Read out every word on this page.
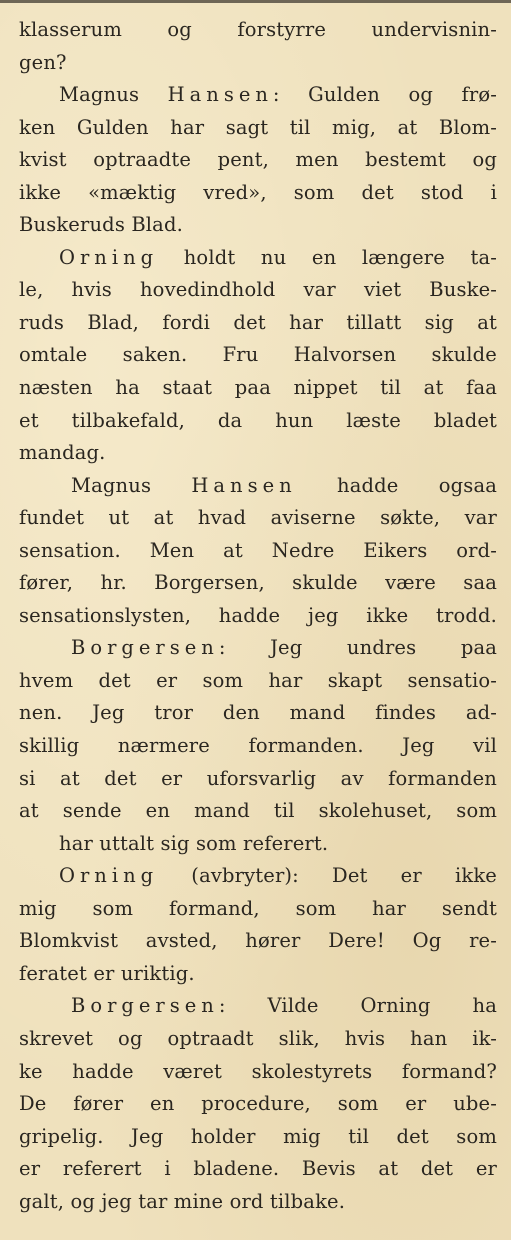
klasserum og forstyrre undervisnin-
gen?
Magnus Hansen: Gulden og frø-
ken Gulden har sagt til mig, at Blom-
kvist optraadte pent, men bestemt og
ikke «mæktig vred», som det stod i
Buskeruds Blad.
Orning holdt nu en længere ta-
le, hvis hovedindhold var viet Buske-
ruds Blad, fordi det har tillatt sig at
omtale saken. Fru Halvorsen skulde
næsten ha staat paa nippet til at faa
et tilbakefald, da hun læste bladet
mandag.
Magnus Hansen hadde ogsaa
fundet ut at hvad aviserne søkte, var
sensation. Men at Nedre Eikers ord-
fører, hr. Borgersen, skulde være saa
sensationslysten, hadde jeg ikke trodd.
Borgersen: Jeg undres paa
hvem det er som har skapt sensatio-
nen. Jeg tror den mand findes ad-
skillig nærmere formanden. Jeg vil
si at det er uforsvarlig av formanden
at sende en mand til skolehuset, som
har uttalt sig som referert.
Orning (avbryter): Det er ikke
mig som formand, som har sendt
Blomkvist avsted, hører Dere! Og re-
feratet er uriktig.
Borgersen: Vilde Orning ha
skrevet og optraadt slik, hvis han ik-
ke hadde været skolestyrets formand?
De fører en procedure, som er ube-
gripelig. Jeg holder mig til det som
er referert i bladene. Bevis at det er
galt, og jeg tar mine ord tilbake.
